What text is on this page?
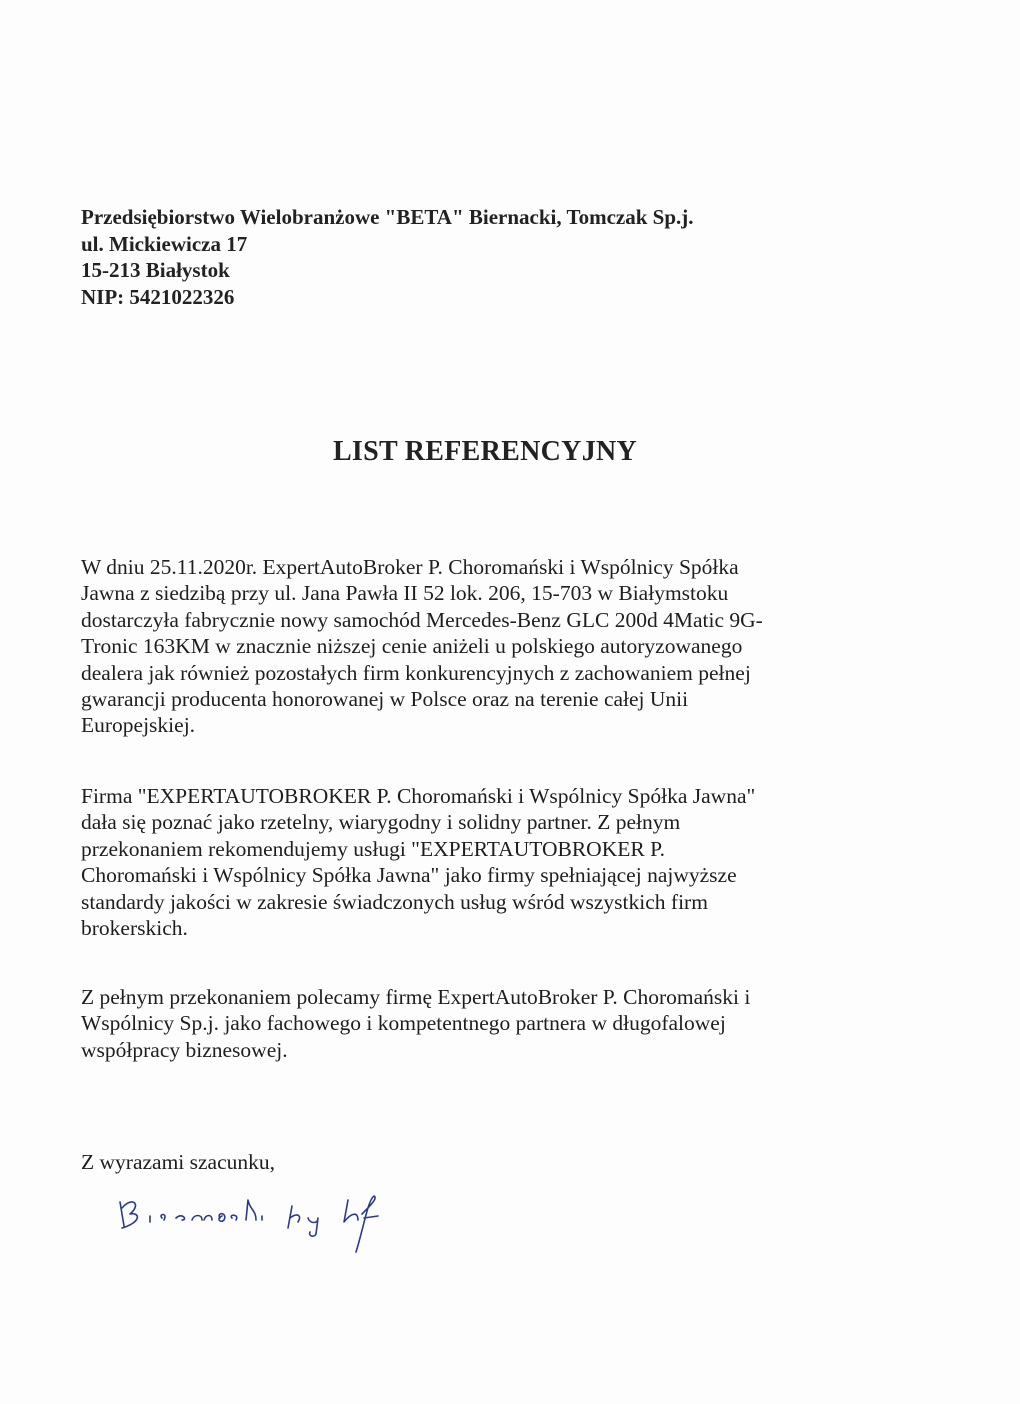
Przedsiębiorstwo Wielobranżowe "BETA" Biernacki, Tomczak Sp.j.
ul. Mickiewicza 17
15-213 Białystok
NIP: 5421022326
LIST REFERENCYJNY
W dniu 25.11.2020r. ExpertAutoBroker P. Choromański i Wspólnicy Spółka
Jawna z siedzibą przy ul. Jana Pawła II 52 lok. 206, 15-703 w Białymstoku
dostarczyła fabrycznie nowy samochód Mercedes-Benz GLC 200d 4Matic 9G-
Tronic 163KM w znacznie niższej cenie aniżeli u polskiego autoryzowanego
dealera jak również pozostałych firm konkurencyjnych z zachowaniem pełnej
gwarancji producenta honorowanej w Polsce oraz na terenie całej Unii
Europejskiej.
Firma "EXPERTAUTOBROKER P. Choromański i Wspólnicy Spółka Jawna"
dała się poznać jako rzetelny, wiarygodny i solidny partner. Z pełnym
przekonaniem rekomendujemy usługi "EXPERTAUTOBROKER P.
Choromański i Wspólnicy Spółka Jawna" jako firmy spełniającej najwyższe
standardy jakości w zakresie świadczonych usług wśród wszystkich firm
brokerskich.
Z pełnym przekonaniem polecamy firmę ExpertAutoBroker P. Choromański i
Wspólnicy Sp.j. jako fachowego i kompetentnego partnera w długofalowej
współpracy biznesowej.
Z wyrazami szacunku,
